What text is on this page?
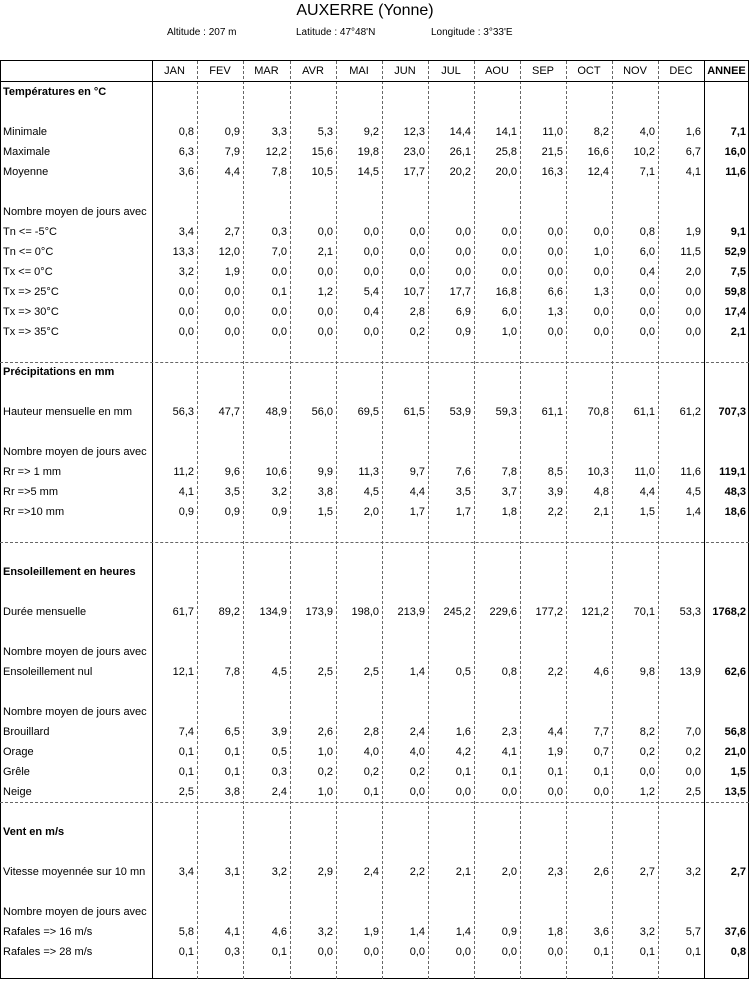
AUXERRE (Yonne)
Altitude : 207 m	Latitude : 47°48'N	Longitude : 3°33'E
JAN	FEV	MAR	AVR	MAI	JUN	JUL	AOU	SEP	OCT	NOV	DEC	ANNEE
Températures en °C
Minimale	0,8	0,9	3,3	5,3	9,2	12,3	14,4	14,1	11,0	8,2	4,0	1,6	7,1
Maximale	6,3	7,9	12,2	15,6	19,8	23,0	26,1	25,8	21,5	16,6	10,2	6,7	16,0
Moyenne	3,6	4,4	7,8	10,5	14,5	17,7	20,2	20,0	16,3	12,4	7,1	4,1	11,6
Nombre moyen de jours avec
Tn <= -5°C	3,4	2,7	0,3	0,0	0,0	0,0	0,0	0,0	0,0	0,0	0,8	1,9	9,1
Tn <= 0°C	13,3	12,0	7,0	2,1	0,0	0,0	0,0	0,0	0,0	1,0	6,0	11,5	52,9
Tx <= 0°C	3,2	1,9	0,0	0,0	0,0	0,0	0,0	0,0	0,0	0,0	0,4	2,0	7,5
Tx => 25°C	0,0	0,0	0,1	1,2	5,4	10,7	17,7	16,8	6,6	1,3	0,0	0,0	59,8
Tx => 30°C	0,0	0,0	0,0	0,0	0,4	2,8	6,9	6,0	1,3	0,0	0,0	0,0	17,4
Tx => 35°C	0,0	0,0	0,0	0,0	0,0	0,2	0,9	1,0	0,0	0,0	0,0	0,0	2,1
Précipitations en mm
Hauteur mensuelle en mm	56,3	47,7	48,9	56,0	69,5	61,5	53,9	59,3	61,1	70,8	61,1	61,2	707,3
Nombre moyen de jours avec
Rr => 1 mm	11,2	9,6	10,6	9,9	11,3	9,7	7,6	7,8	8,5	10,3	11,0	11,6	119,1
Rr =>5 mm	4,1	3,5	3,2	3,8	4,5	4,4	3,5	3,7	3,9	4,8	4,4	4,5	48,3
Rr =>10 mm	0,9	0,9	0,9	1,5	2,0	1,7	1,7	1,8	2,2	2,1	1,5	1,4	18,6
Ensoleillement en heures
Durée mensuelle	61,7	89,2	134,9	173,9	198,0	213,9	245,2	229,6	177,2	121,2	70,1	53,3	1768,2
Nombre moyen de jours avec
Ensoleillement nul	12,1	7,8	4,5	2,5	2,5	1,4	0,5	0,8	2,2	4,6	9,8	13,9	62,6
Nombre moyen de jours avec
Brouillard	7,4	6,5	3,9	2,6	2,8	2,4	1,6	2,3	4,4	7,7	8,2	7,0	56,8
Orage	0,1	0,1	0,5	1,0	4,0	4,0	4,2	4,1	1,9	0,7	0,2	0,2	21,0
Grêle	0,1	0,1	0,3	0,2	0,2	0,2	0,1	0,1	0,1	0,1	0,0	0,0	1,5
Neige	2,5	3,8	2,4	1,0	0,1	0,0	0,0	0,0	0,0	0,0	1,2	2,5	13,5
Vent en m/s
Vitesse moyennée sur 10 mn	3,4	3,1	3,2	2,9	2,4	2,2	2,1	2,0	2,3	2,6	2,7	3,2	2,7
Nombre moyen de jours avec
Rafales => 16 m/s	5,8	4,1	4,6	3,2	1,9	1,4	1,4	0,9	1,8	3,6	3,2	5,7	37,6
Rafales => 28 m/s	0,1	0,3	0,1	0,0	0,0	0,0	0,0	0,0	0,0	0,1	0,1	0,1	0,8
